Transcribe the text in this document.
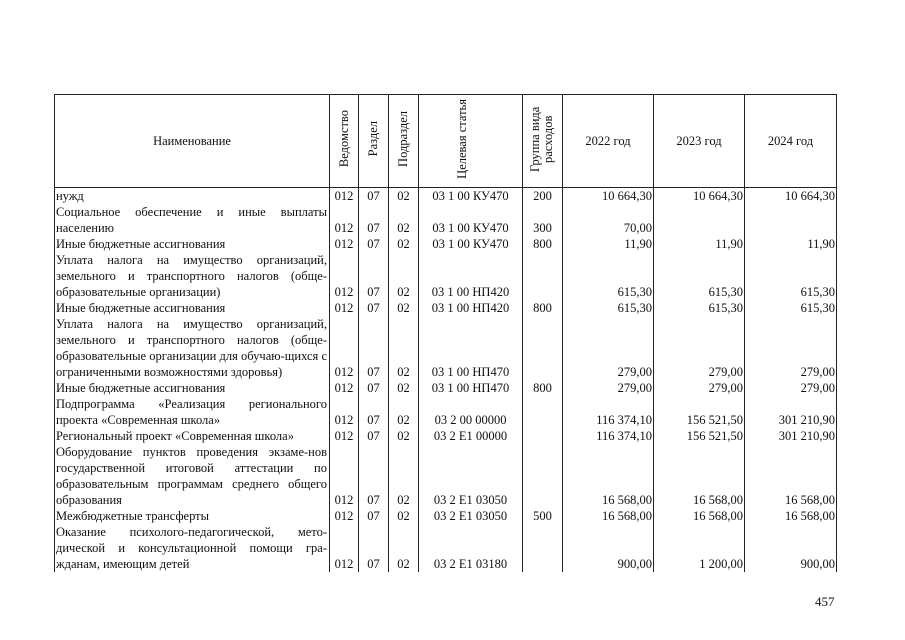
Наименование	Ведомство	Раздел	Подраздел	Целевая статья	Группа вида расходов	2022 год	2023 год	2024 год
нужд	012	07	02	03 1 00 КУ470	200	10 664,30	10 664,30	10 664,30
Социальное обеспечение и иные выплаты населению	012	07	02	03 1 00 КУ470	300	70,00		
Иные бюджетные ассигнования	012	07	02	03 1 00 КУ470	800	11,90	11,90	11,90
Уплата налога на имущество организаций, земельного и транспортного налогов (обще-образовательные организации)	012	07	02	03 1 00 НП420		615,30	615,30	615,30
Иные бюджетные ассигнования	012	07	02	03 1 00 НП420	800	615,30	615,30	615,30
Уплата налога на имущество организаций, земельного и транспортного налогов (обще-образовательные организации для обучаю-щихся с ограниченными возможностями здоровья)	012	07	02	03 1 00 НП470		279,00	279,00	279,00
Иные бюджетные ассигнования	012	07	02	03 1 00 НП470	800	279,00	279,00	279,00
Подпрограмма «Реализация регионального проекта «Современная школа»	012	07	02	03 2 00 00000		116 374,10	156 521,50	301 210,90
Региональный проект «Современная школа»	012	07	02	03 2 E1 00000		116 374,10	156 521,50	301 210,90
Оборудование пунктов проведения экзаме-нов государственной итоговой аттестации по образовательным программам среднего общего образования	012	07	02	03 2 E1 03050		16 568,00	16 568,00	16 568,00
Межбюджетные трансферты	012	07	02	03 2 E1 03050	500	16 568,00	16 568,00	16 568,00
Оказание психолого-педагогической, мето-дической и консультационной помощи гра-жданам, имеющим детей	012	07	02	03 2 E1 03180		900,00	1 200,00	900,00
457
